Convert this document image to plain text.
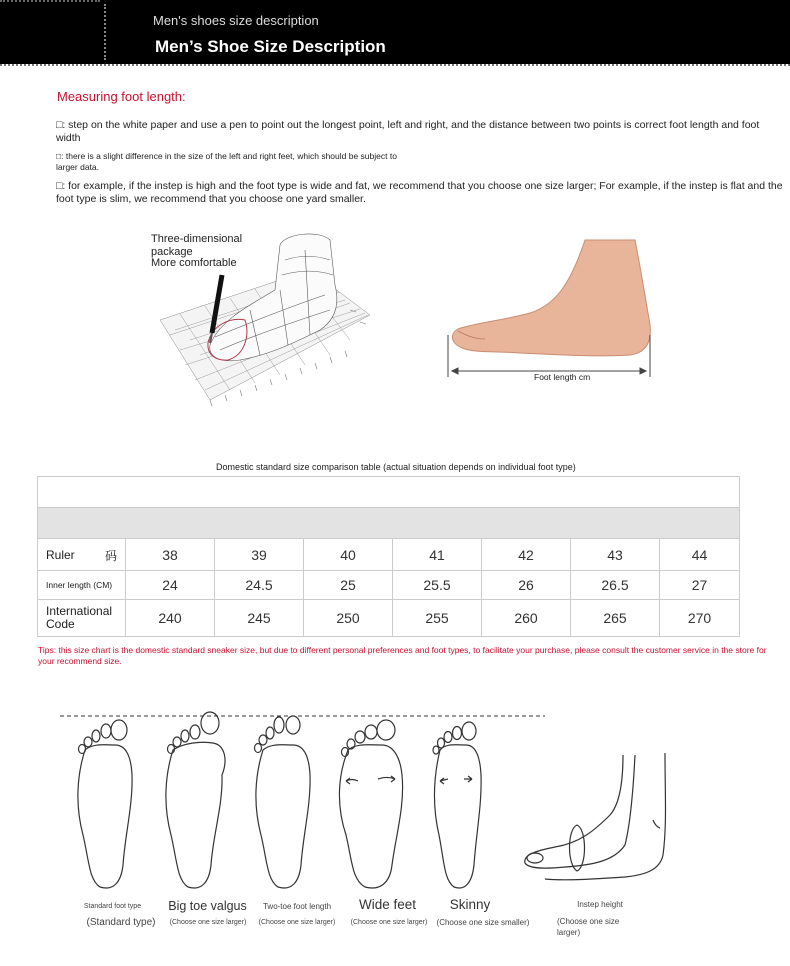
Men's shoes size description
Men’s Shoe Size Description
Measuring foot length:
□: step on the white paper and use a pen to point out the longest point, left and right, and the distance between two points is correct foot length and foot width
□: there is a slight difference in the size of the left and right feet, which should be subject to larger data.
□: for example, if the instep is high and the foot type is wide and fat, we recommend that you choose one size larger; For example, if the instep is flat and the foot type is slim, we recommend that you choose one yard smaller.
Three-dimensional package
More comfortable
Foot length cm
Domestic standard size comparison table (actual situation depends on individual foot type)
Ruler	码	38	39	40	41	42	43	44
Inner length (CM)	24	24.5	25	25.5	26	26.5	27
International Code	240	245	250	255	260	265	270
Tips: this size chart is the domestic standard sneaker size, but due to different personal preferences and foot types, to facilitate your purchase, please consult the customer service in the store for your recommend size.
Standard foot type
(Standard type)
Big toe valgus
(Choose one size larger)
Two-toe foot length
(Choose one size larger)
Wide feet
(Choose one size larger)
Skinny
(Choose one size smaller)
Instep height
(Choose one size larger)
